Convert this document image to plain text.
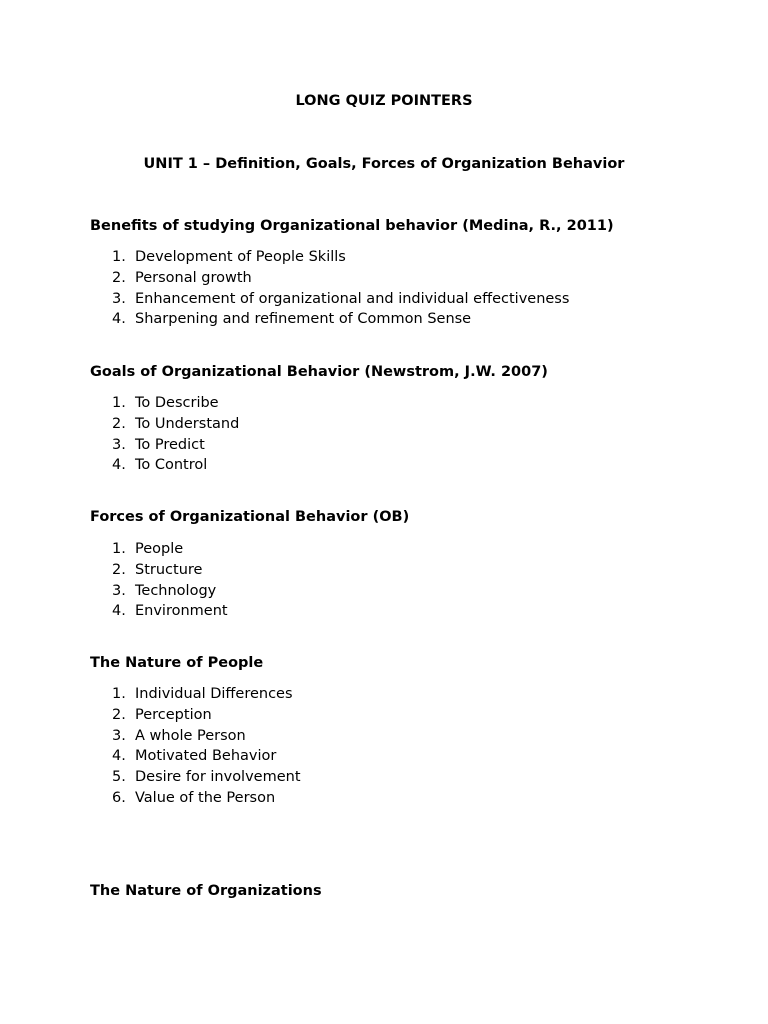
LONG QUIZ POINTERS
UNIT 1 – Definition, Goals, Forces of Organization Behavior
Benefits of studying Organizational behavior (Medina, R., 2011)
1. Development of People Skills
2. Personal growth
3. Enhancement of organizational and individual effectiveness
4. Sharpening and refinement of Common Sense
Goals of Organizational Behavior (Newstrom, J.W. 2007)
1. To Describe
2. To Understand
3. To Predict
4. To Control
Forces of Organizational Behavior (OB)
1. People
2. Structure
3. Technology
4. Environment
The Nature of People
1. Individual Differences
2. Perception
3. A whole Person
4. Motivated Behavior
5. Desire for involvement
6. Value of the Person
The Nature of Organizations
